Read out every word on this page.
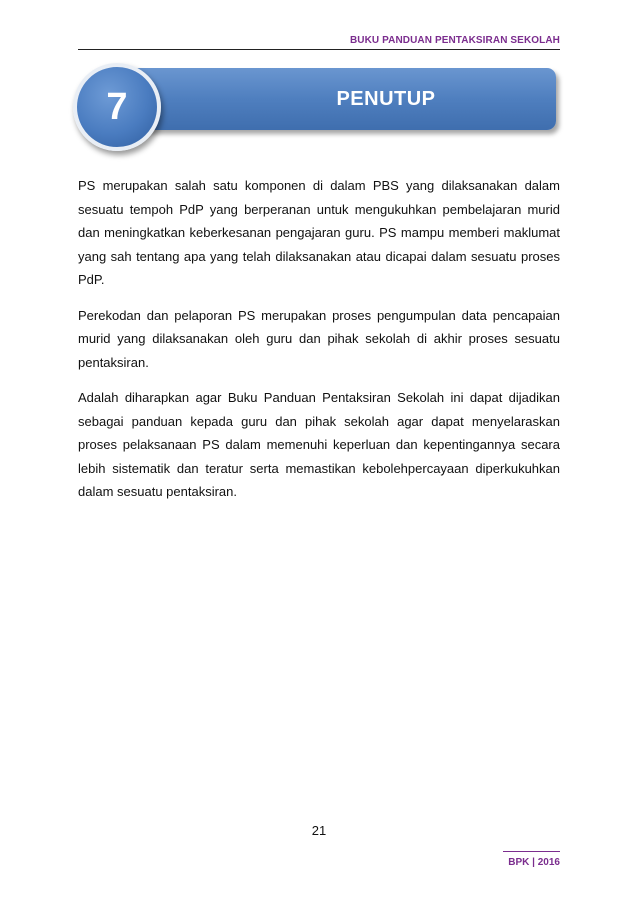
BUKU PANDUAN PENTAKSIRAN SEKOLAH
PENUTUP
7

PS merupakan salah satu komponen di dalam PBS yang dilaksanakan dalam sesuatu tempoh PdP yang berperanan untuk mengukuhkan pembelajaran murid dan meningkatkan keberkesanan pengajaran guru. PS mampu memberi maklumat yang sah tentang apa yang telah dilaksanakan atau dicapai dalam sesuatu proses PdP.

Perekodan dan pelaporan PS merupakan proses pengumpulan data pencapaian murid yang dilaksanakan oleh guru dan pihak sekolah di akhir proses sesuatu pentaksiran.

Adalah diharapkan agar Buku Panduan Pentaksiran Sekolah ini dapat dijadikan sebagai panduan kepada guru dan pihak sekolah agar dapat menyelaraskan proses pelaksanaan PS dalam memenuhi keperluan dan kepentingannya secara lebih sistematik dan teratur serta memastikan kebolehpercayaan diperkukuhkan dalam sesuatu pentaksiran.

21
BPK | 2016
